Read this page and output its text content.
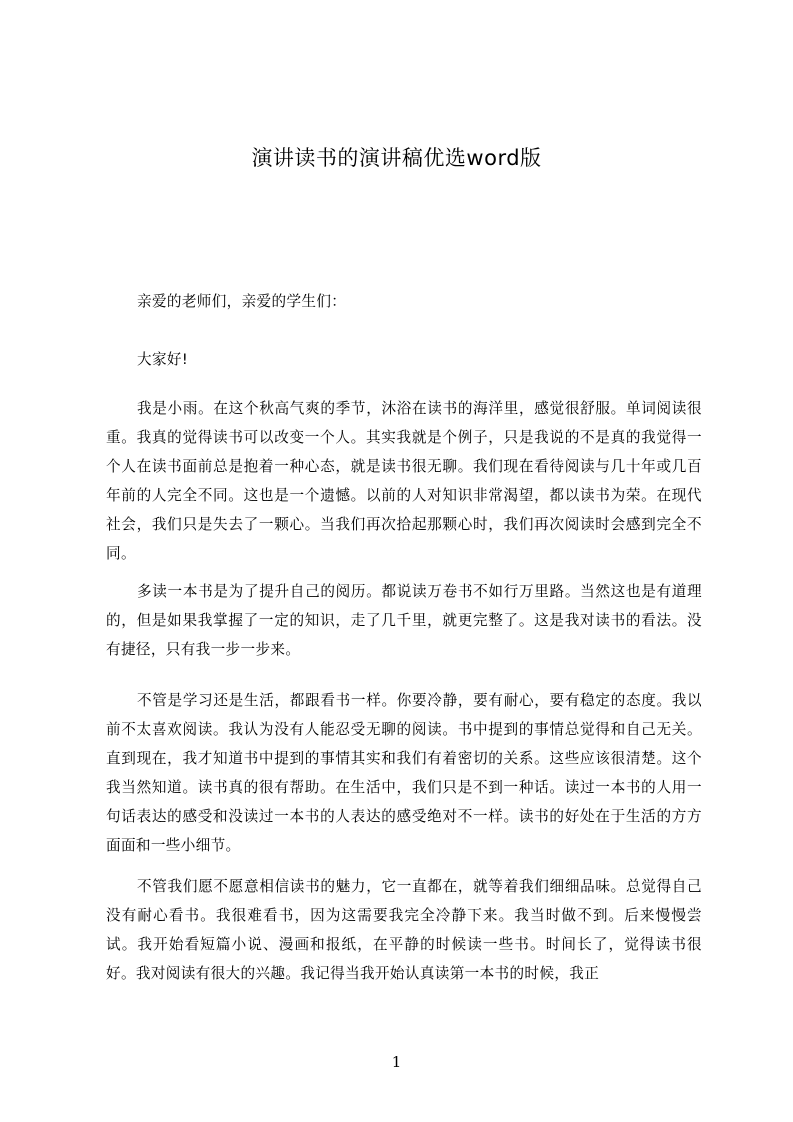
演讲读书的演讲稿优选word版

亲爱的老师们，亲爱的学生们：

大家好!

我是小雨。在这个秋高气爽的季节，沐浴在读书的海洋里，感觉很舒服。单词阅读很重。我真的觉得读书可以改变一个人。其实我就是个例子，只是我说的不是真的我觉得一个人在读书面前总是抱着一种心态，就是读书很无聊。我们现在看待阅读与几十年或几百年前的人完全不同。这也是一个遗憾。以前的人对知识非常渴望，都以读书为荣。在现代社会，我们只是失去了一颗心。当我们再次拾起那颗心时，我们再次阅读时会感到完全不同。

多读一本书是为了提升自己的阅历。都说读万卷书不如行万里路。当然这也是有道理的，但是如果我掌握了一定的知识，走了几千里，就更完整了。这是我对读书的看法。没有捷径，只有我一步一步来。

不管是学习还是生活，都跟看书一样。你要冷静，要有耐心，要有稳定的态度。我以前不太喜欢阅读。我认为没有人能忍受无聊的阅读。书中提到的事情总觉得和自己无关。直到现在，我才知道书中提到的事情其实和我们有着密切的关系。这些应该很清楚。这个我当然知道。读书真的很有帮助。在生活中，我们只是不到一种话。读过一本书的人用一句话表达的感受和没读过一本书的人表达的感受绝对不一样。读书的好处在于生活的方方面面和一些小细节。

不管我们愿不愿意相信读书的魅力，它一直都在，就等着我们细细品味。总觉得自己没有耐心看书。我很难看书，因为这需要我完全冷静下来。我当时做不到。后来慢慢尝试。我开始看短篇小说、漫画和报纸，在平静的时候读一些书。时间长了，觉得读书很好。我对阅读有很大的兴趣。我记得当我开始认真读第一本书的时候，我正

1
